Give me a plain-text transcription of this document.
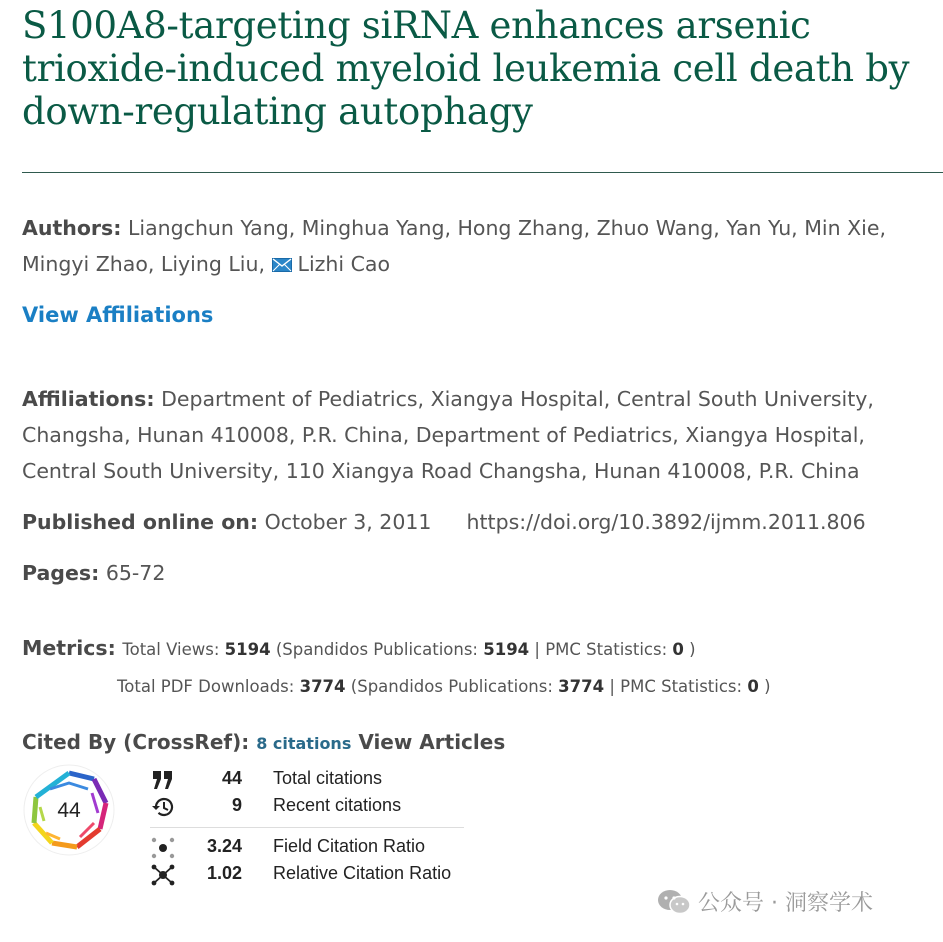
S100A8-targeting siRNA enhances arsenic trioxide-induced myeloid leukemia cell death by down-regulating autophagy
Authors: Liangchun Yang, Minghua Yang, Hong Zhang, Zhuo Wang, Yan Yu, Min Xie,
Mingyi Zhao, Liying Liu, Lizhi Cao
View Affiliations
Affiliations: Department of Pediatrics, Xiangya Hospital, Central South University,
Changsha, Hunan 410008, P.R. China, Department of Pediatrics, Xiangya Hospital,
Central South University, 110 Xiangya Road Changsha, Hunan 410008, P.R. China
Published online on: October 3, 2011 https://doi.org/10.3892/ijmm.2011.806
Pages: 65-72
Metrics: Total Views: 5194 (Spandidos Publications: 5194 | PMC Statistics: 0 )
Total PDF Downloads: 3774 (Spandidos Publications: 3774 | PMC Statistics: 0 )
Cited By (CrossRef): 8 citations View Articles
44
44 Total citations
9 Recent citations
3.24 Field Citation Ratio
1.02 Relative Citation Ratio
公众号 · 洞察学术
